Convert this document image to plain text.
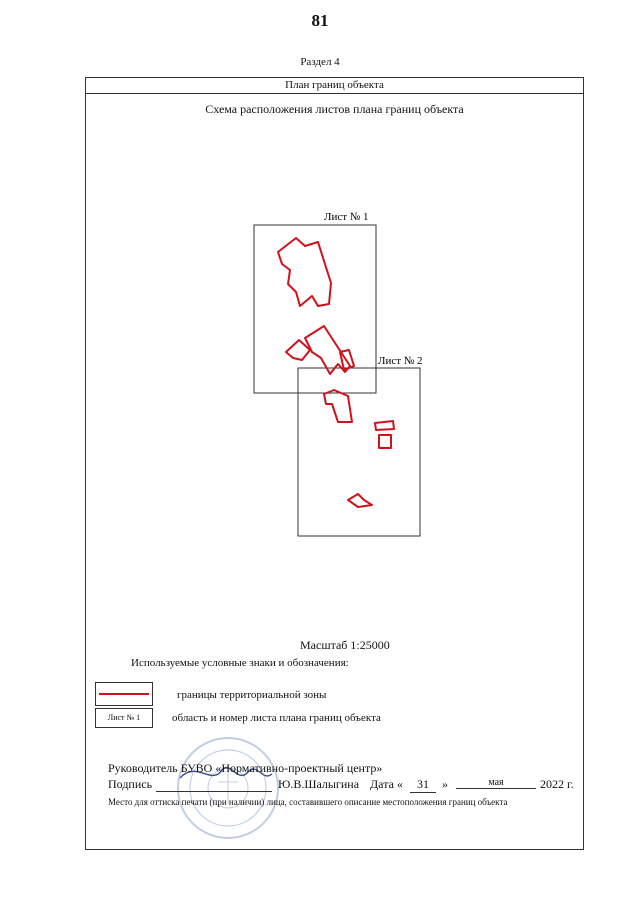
81
Раздел 4
План границ объекта
Схема расположения листов плана границ объекта
Лист № 1
Лист № 2
Масштаб 1:25000
Используемые условные знаки и обозначения:
границы территориальной зоны
Лист № 1	область и номер листа плана границ объекта
Руководитель БУВО «Нормативно-проектный центр»
Подпись	Ю.В.Шалыгина Дата «	31	»	мая	2022 г.
Место для оттиска печати (при наличии) лица, составившего описание местоположения границ объекта
